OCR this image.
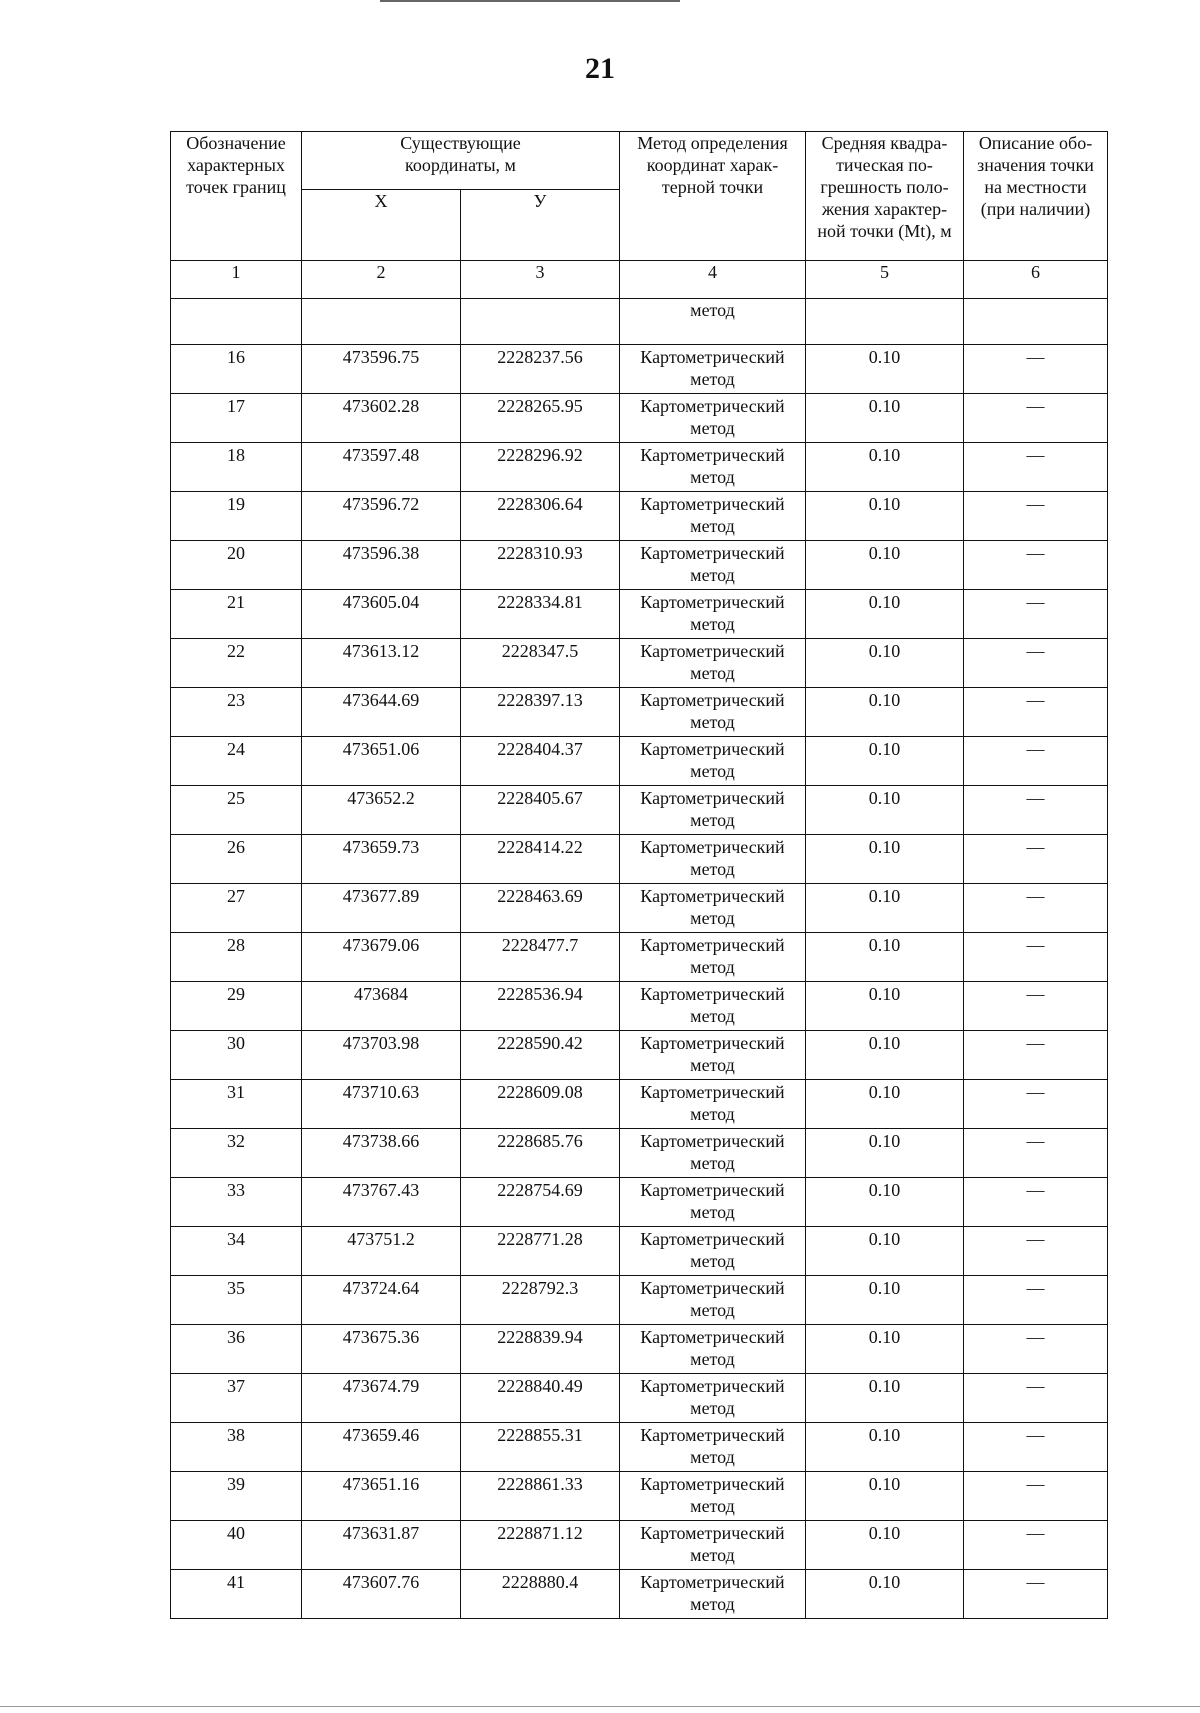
21
Обозначение
характерных
точек границ	Существующие
координаты, м		Метод определения
координат харак-
терной точки	Средняя квадра-
тическая по-
грешность поло-
жения характер-
ной точки (Mt), м	Описание обо-
значения точки
на местности
(при наличии)

	Х	У			
1	2	3	4	5	6
			метод		
16	473596.75	2228237.56	Картометрический
метод	0.10	—
17	473602.28	2228265.95	Картометрический
метод	0.10	—
18	473597.48	2228296.92	Картометрический
метод	0.10	—
19	473596.72	2228306.64	Картометрический
метод	0.10	—
20	473596.38	2228310.93	Картометрический
метод	0.10	—
21	473605.04	2228334.81	Картометрический
метод	0.10	—
22	473613.12	2228347.5	Картометрический
метод	0.10	—
23	473644.69	2228397.13	Картометрический
метод	0.10	—
24	473651.06	2228404.37	Картометрический
метод	0.10	—
25	473652.2	2228405.67	Картометрический
метод	0.10	—
26	473659.73	2228414.22	Картометрический
метод	0.10	—
27	473677.89	2228463.69	Картометрический
метод	0.10	—
28	473679.06	2228477.7	Картометрический
метод	0.10	—
29	473684	2228536.94	Картометрический
метод	0.10	—
30	473703.98	2228590.42	Картометрический
метод	0.10	—
31	473710.63	2228609.08	Картометрический
метод	0.10	—
32	473738.66	2228685.76	Картометрический
метод	0.10	—
33	473767.43	2228754.69	Картометрический
метод	0.10	—
34	473751.2	2228771.28	Картометрический
метод	0.10	—
35	473724.64	2228792.3	Картометрический
метод	0.10	—
36	473675.36	2228839.94	Картометрический
метод	0.10	—
37	473674.79	2228840.49	Картометрический
метод	0.10	—
38	473659.46	2228855.31	Картометрический
метод	0.10	—
39	473651.16	2228861.33	Картометрический
метод	0.10	—
40	473631.87	2228871.12	Картометрический
метод	0.10	—
41	473607.76	2228880.4	Картометрический
метод	0.10	—
